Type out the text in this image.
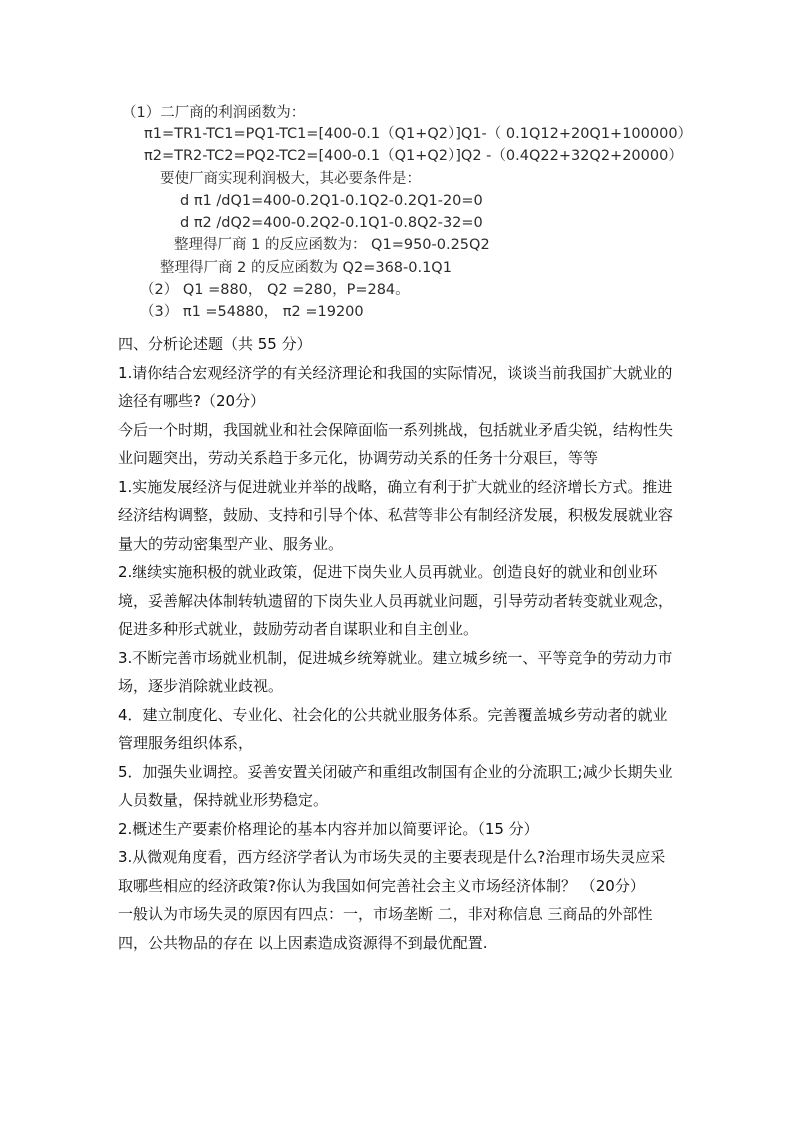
（1）二厂商的利润函数为：
π1=TR1-TC1=PQ1-TC1=[400-0.1（Q1+Q2）]Q1-（ 0.1Q12+20Q1+100000）
π2=TR2-TC2=PQ2-TC2=[400-0.1（Q1+Q2）]Q2 -（0.4Q22+32Q2+20000）
要使厂商实现利润极大，其必要条件是：
d π1 /dQ1=400-0.2Q1-0.1Q2-0.2Q1-20=0
d π2 /dQ2=400-0.2Q2-0.1Q1-0.8Q2-32=0
整理得厂商 1 的反应函数为： Q1=950-0.25Q2
整理得厂商 2 的反应函数为 Q2=368-0.1Q1
（2） Q1 =880， Q2 =280，P=284。
（3） π1 =54880， π2 =19200

四、分析论述题（共 55 分）

1.请你结合宏观经济学的有关经济理论和我国的实际情况，谈谈当前我国扩大就业的途径有哪些?（20分）

今后一个时期，我国就业和社会保障面临一系列挑战，包括就业矛盾尖锐，结构性失业问题突出，劳动关系趋于多元化，协调劳动关系的任务十分艰巨，等等

1.实施发展经济与促进就业并举的战略，确立有利于扩大就业的经济增长方式。推进经济结构调整，鼓励、支持和引导个体、私营等非公有制经济发展，积极发展就业容量大的劳动密集型产业、服务业。

2.继续实施积极的就业政策，促进下岗失业人员再就业。创造良好的就业和创业环境，妥善解决体制转轨遗留的下岗失业人员再就业问题，引导劳动者转变就业观念，促进多种形式就业，鼓励劳动者自谋职业和自主创业。

3.不断完善市场就业机制，促进城乡统筹就业。建立城乡统一、平等竞争的劳动力市场，逐步消除就业歧视。

4．建立制度化、专业化、社会化的公共就业服务体系。完善覆盖城乡劳动者的就业管理服务组织体系，

5．加强失业调控。妥善安置关闭破产和重组改制国有企业的分流职工;减少长期失业人员数量，保持就业形势稳定。

2.概述生产要素价格理论的基本内容并加以简要评论。（15 分）

3.从微观角度看，西方经济学者认为市场失灵的主要表现是什么?治理市场失灵应采取哪些相应的经济政策?你认为我国如何完善社会主义市场经济体制？ （20分）

一般认为市场失灵的原因有四点：一，市场垄断 二，非对称信息 三商品的外部性 四，公共物品的存在 以上因素造成资源得不到最优配置.
